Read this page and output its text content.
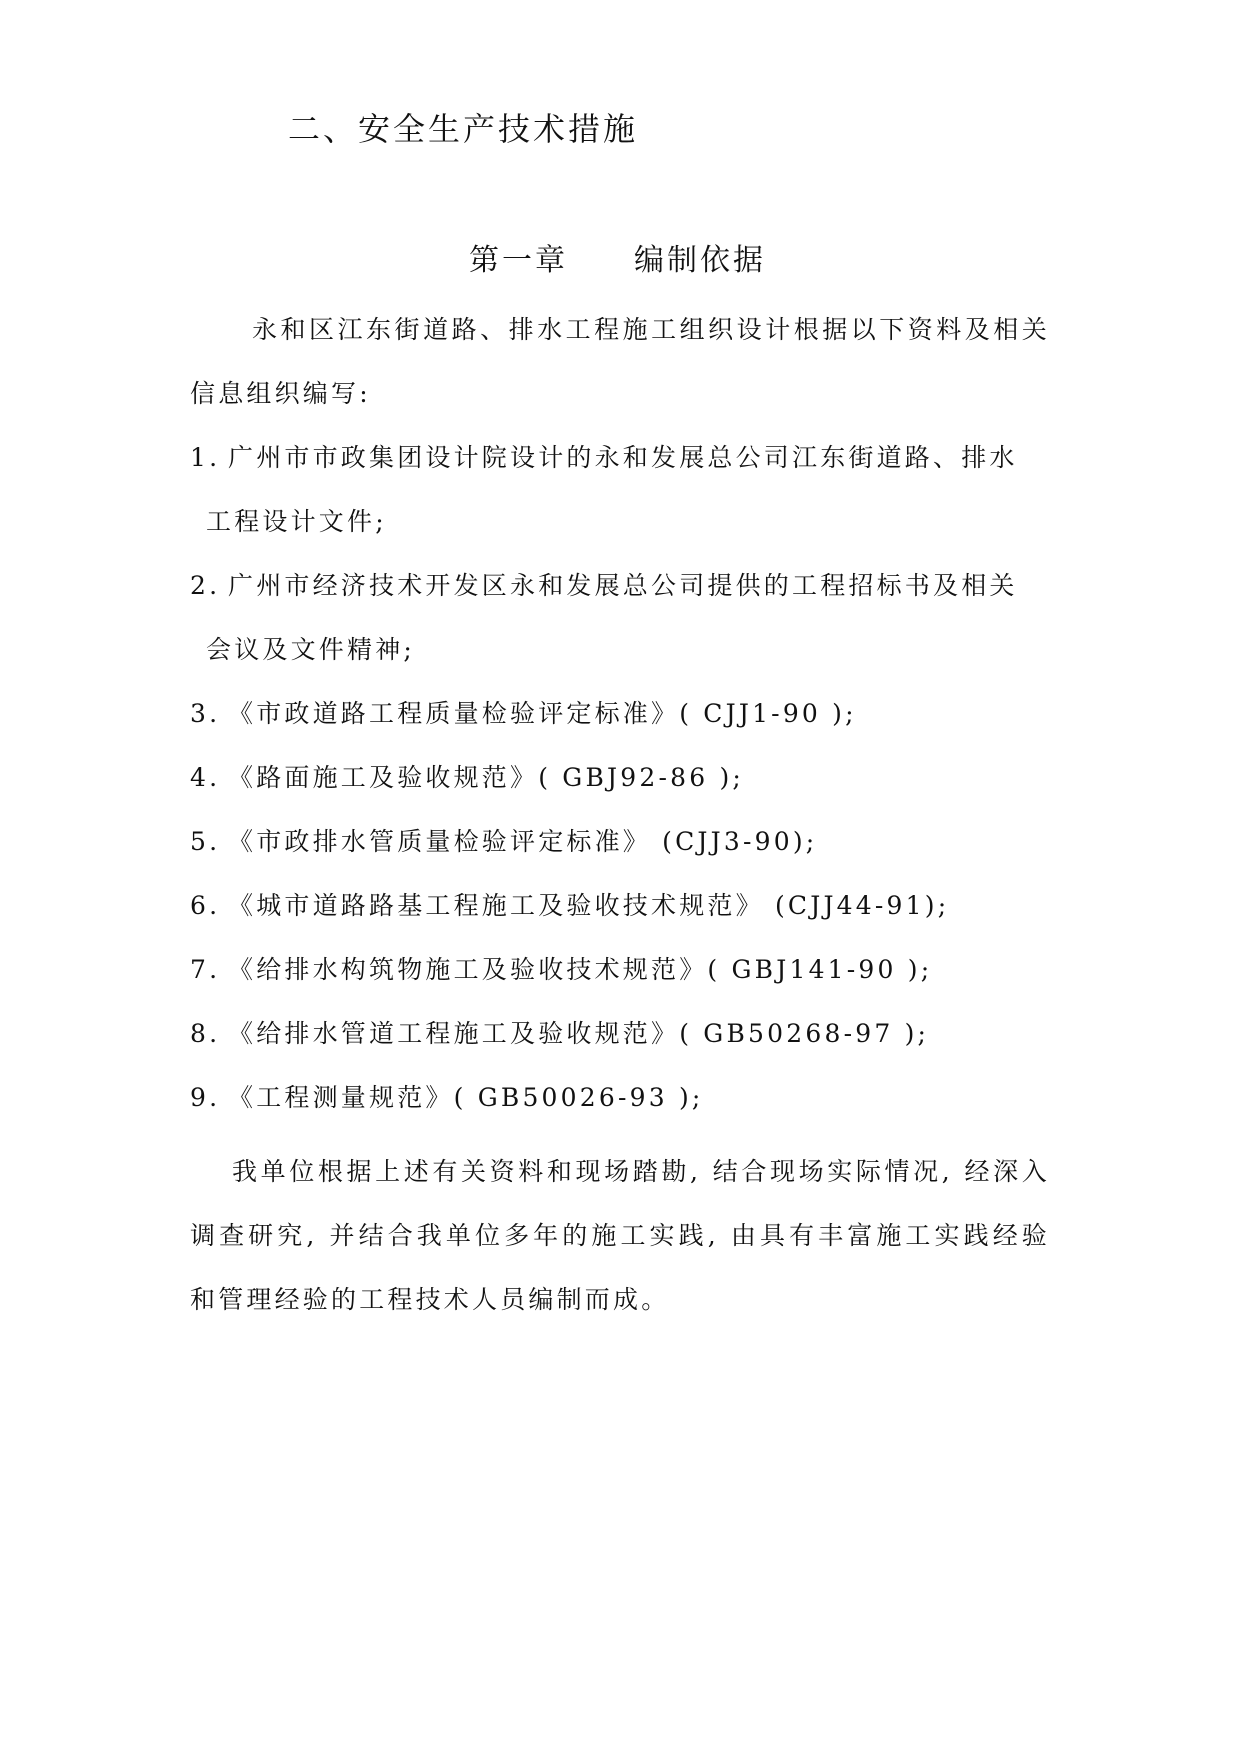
二、安全生产技术措施
第一章 编制依据
永和区江东街道路、排水工程施工组织设计根据以下资料及相关信息组织编写:
1. 广州市市政集团设计院设计的永和发展总公司江东街道路、排水
工程设计文件;
2. 广州市经济技术开发区永和发展总公司提供的工程招标书及相关
会议及文件精神;
3. 《市政道路工程质量检验评定标准》( CJJ1-90 );
4. 《路面施工及验收规范》( GBJ92-86 );
5. 《市政排水管质量检验评定标准》 (CJJ3-90);
6. 《城市道路路基工程施工及验收技术规范》 (CJJ44-91);
7. 《给排水构筑物施工及验收技术规范》( GBJ141-90 );
8. 《给排水管道工程施工及验收规范》( GB50268-97 );
9. 《工程测量规范》( GB50026-93 );
我单位根据上述有关资料和现场踏勘, 结合现场实际情况, 经深入调查研究, 并结合我单位多年的施工实践, 由具有丰富施工实践经验和管理经验的工程技术人员编制而成。
